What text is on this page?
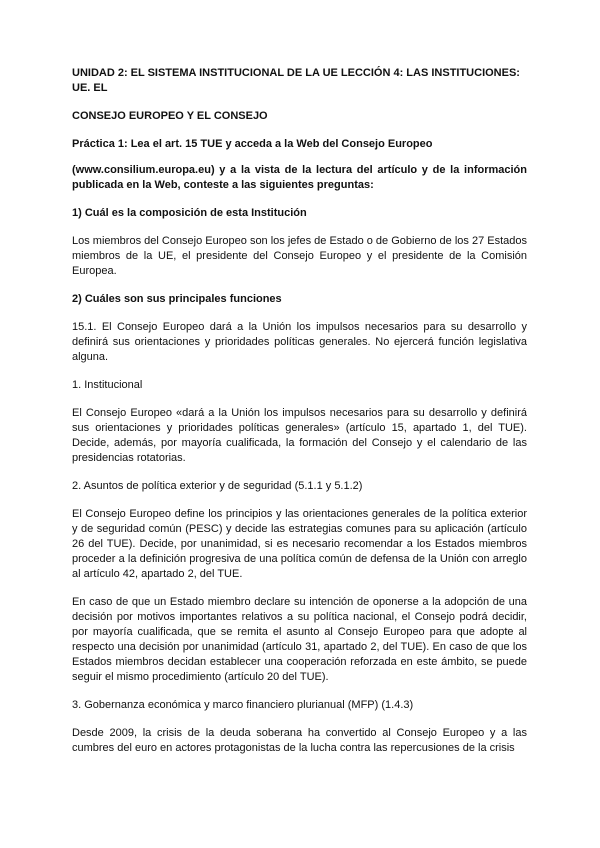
UNIDAD 2: EL SISTEMA INSTITUCIONAL DE LA UE LECCIÓN 4: LAS INSTITUCIONES: UE. EL

CONSEJO EUROPEO Y EL CONSEJO

Práctica 1: Lea el art. 15 TUE y acceda a la Web del Consejo Europeo

(www.consilium.europa.eu) y a la vista de la lectura del artículo y de la información publicada en la Web, conteste a las siguientes preguntas:

1) Cuál es la composición de esta Institución

Los miembros del Consejo Europeo son los jefes de Estado o de Gobierno de los 27 Estados miembros de la UE, el presidente del Consejo Europeo y el presidente de la Comisión Europea.

2) Cuáles son sus principales funciones

15.1. El Consejo Europeo dará a la Unión los impulsos necesarios para su desarrollo y definirá sus orientaciones y prioridades políticas generales. No ejercerá función legislativa alguna.

1. Institucional

El Consejo Europeo «dará a la Unión los impulsos necesarios para su desarrollo y definirá sus orientaciones y prioridades políticas generales» (artículo 15, apartado 1, del TUE). Decide, además, por mayoría cualificada, la formación del Consejo y el calendario de las presidencias rotatorias.

2. Asuntos de política exterior y de seguridad (5.1.1 y 5.1.2)

El Consejo Europeo define los principios y las orientaciones generales de la política exterior y de seguridad común (PESC) y decide las estrategias comunes para su aplicación (artículo 26 del TUE). Decide, por unanimidad, si es necesario recomendar a los Estados miembros proceder a la definición progresiva de una política común de defensa de la Unión con arreglo al artículo 42, apartado 2, del TUE.

En caso de que un Estado miembro declare su intención de oponerse a la adopción de una decisión por motivos importantes relativos a su política nacional, el Consejo podrá decidir, por mayoría cualificada, que se remita el asunto al Consejo Europeo para que adopte al respecto una decisión por unanimidad (artículo 31, apartado 2, del TUE). En caso de que los Estados miembros decidan establecer una cooperación reforzada en este ámbito, se puede seguir el mismo procedimiento (artículo 20 del TUE).

3. Gobernanza económica y marco financiero plurianual (MFP) (1.4.3)

Desde 2009, la crisis de la deuda soberana ha convertido al Consejo Europeo y a las cumbres del euro en actores protagonistas de la lucha contra las repercusiones de la crisis
